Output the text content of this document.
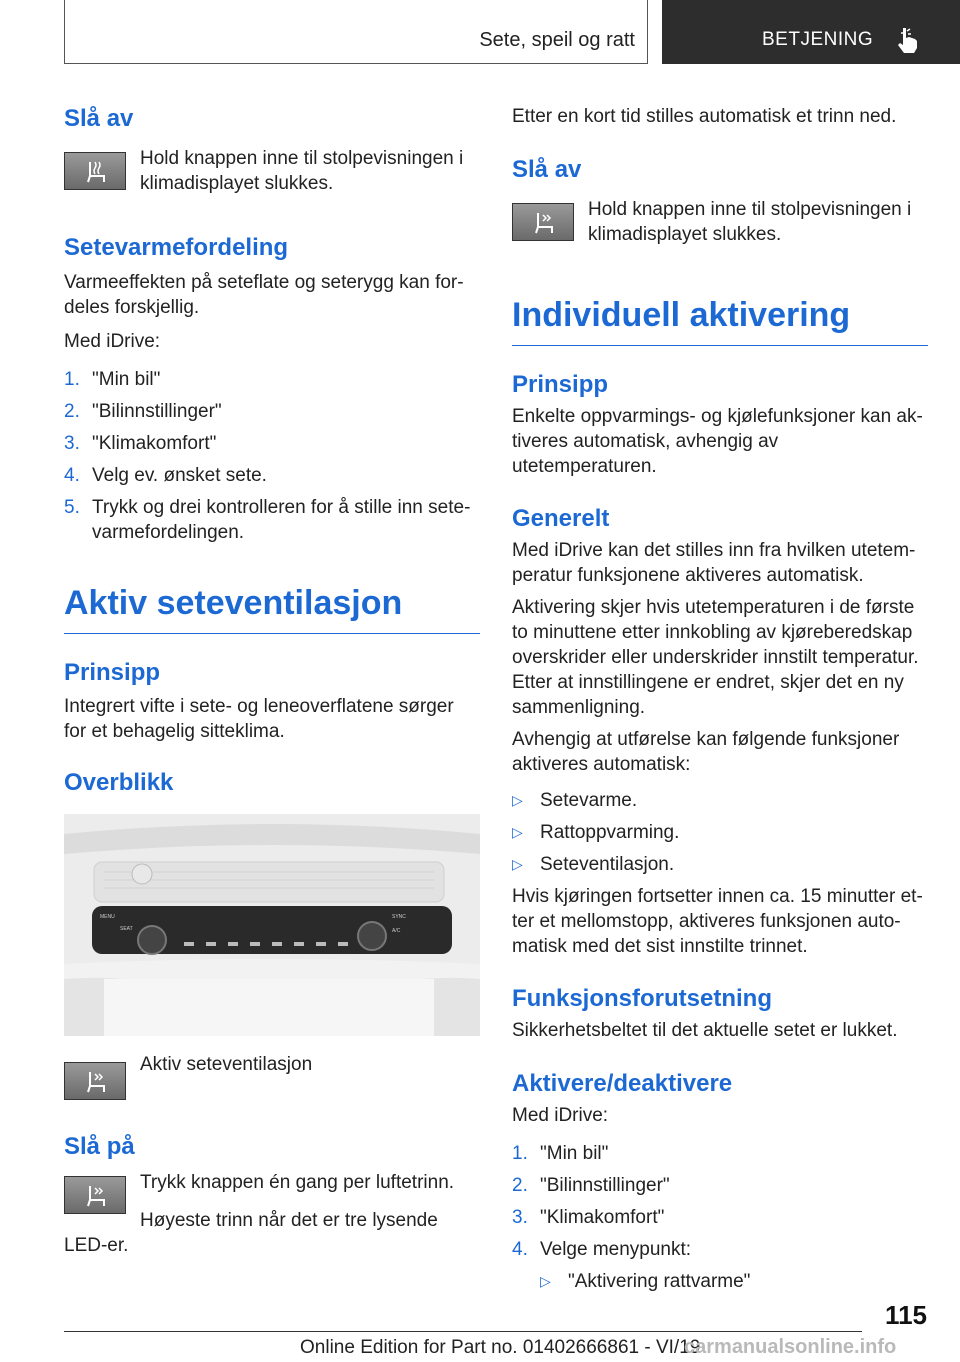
Sete, speil og ratt	BETJENING
Slå av

Hold knappen inne til stolpevisningen i klimadisplayet slukkes.

Setevarmefordeling

Varmeeffekten på seteflate og seterygg kan for-deles forskjellig.

Med iDrive:

1. "Min bil"
2. "Bilinnstillinger"
3. "Klimakomfort"
4. Velg ev. ønsket sete.
5. Trykk og drei kontrolleren for å stille inn sete-varmefordelingen.
Aktiv seteventilasjon
Prinsipp

Integrert vifte i sete- og leneoverflatene sørger for et behagelig sitteklima.

Overblikk
MENU
SEAT
SYNC
A/C

Aktiv seteventilasjon

Slå på

Trykk knappen én gang per luftetrinn.

Høyeste trinn når det er tre lysende LED-er.

Etter en kort tid stilles automatisk et trinn ned.

Slå av

Hold knappen inne til stolpevisningen i klimadisplayet slukkes.

Individuell aktivering
Prinsipp

Enkelte oppvarmings- og kjølefunksjoner kan ak-tiveres automatisk, avhengig av utetemperaturen.

Generelt

Med iDrive kan det stilles inn fra hvilken utetem-peratur funksjonene aktiveres automatisk.

Aktivering skjer hvis utetemperaturen i de første to minuttene etter innkobling av kjøreberedskap overskrider eller underskrider innstilt temperatur. Etter at innstillingene er endret, skjer det en ny sammenligning.

Avhengig at utførelse kan følgende funksjoner aktiveres automatisk:

▷ Setevarme.
▷ Rattoppvarming.
▷ Seteventilasjon.

Hvis kjøringen fortsetter innen ca. 15 minutter et-ter et mellomstopp, aktiveres funksjonen auto-matisk med det sist innstilte trinnet.

Funksjonsforutsetning

Sikkerhetsbeltet til det aktuelle setet er lukket.

Aktivere/deaktivere

Med iDrive:

1. "Min bil"
2. "Bilinnstillinger"
3. "Klimakomfort"
4. Velge menypunkt:
▷ "Aktivering rattvarme"
115
Online Edition for Part no. 01402666861 - VI/19
carmanualsonline.info
